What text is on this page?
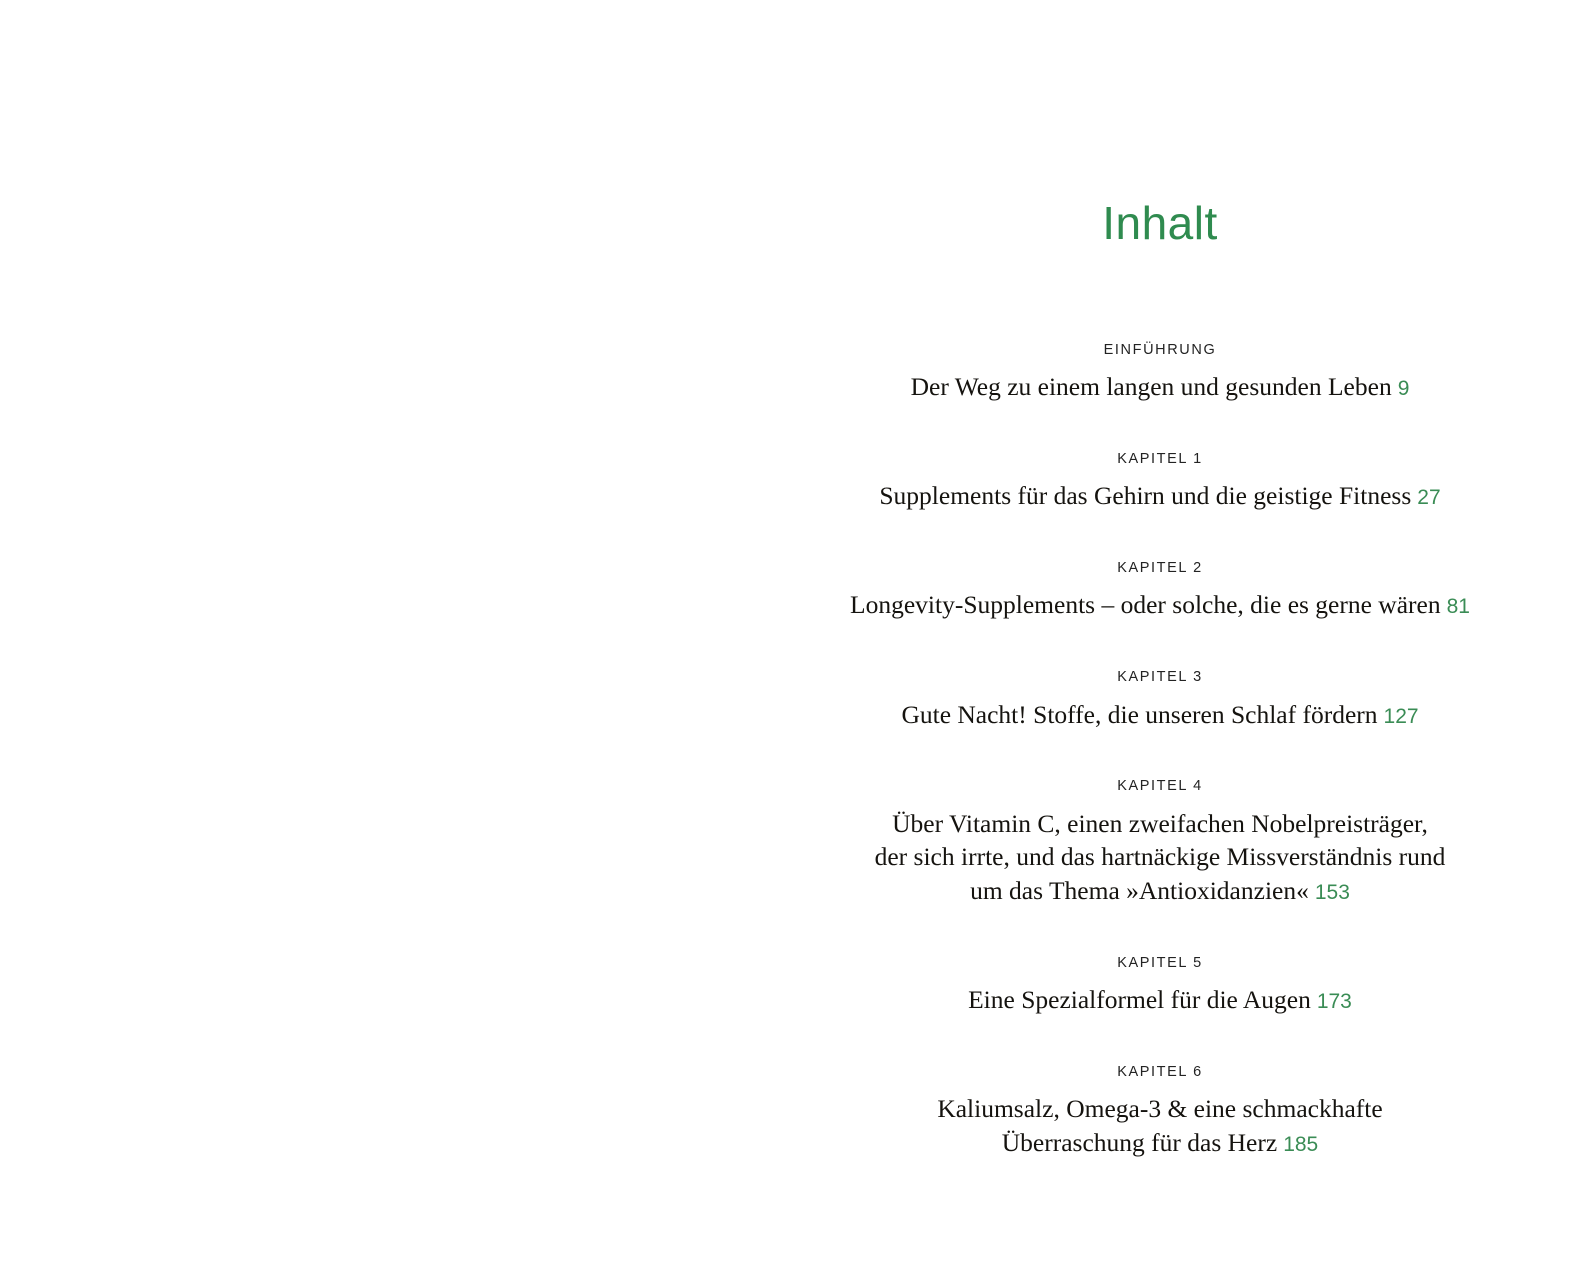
Inhalt
EINFÜHRUNG
Der Weg zu einem langen und gesunden Leben 9
KAPITEL 1
Supplements für das Gehirn und die geistige Fitness 27
KAPITEL 2
Longevity-Supplements – oder solche, die es gerne wären 81
KAPITEL 3
Gute Nacht! Stoffe, die unseren Schlaf fördern 127
KAPITEL 4
Über Vitamin C, einen zweifachen Nobelpreisträger,
der sich irrte, und das hartnäckige Missverständnis rund
um das Thema »Antioxidanzien« 153
KAPITEL 5
Eine Spezialformel für die Augen 173
KAPITEL 6
Kaliumsalz, Omega-3 & eine schmackhafte
Überraschung für das Herz 185
